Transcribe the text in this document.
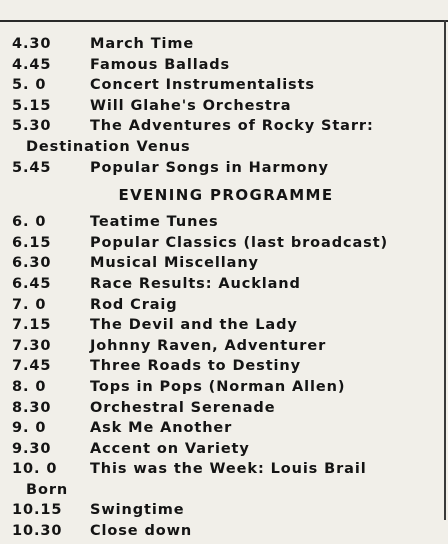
4.30	March Time
4.45	Famous Ballads
5. 0	Concert Instrumentalists
5.15	Will Glahe's Orchestra
5.30	The Adventures of Rocky Starr:
Destination Venus
5.45	Popular Songs in Harmony
EVENING PROGRAMME
6. 0	Teatime Tunes
6.15	Popular Classics (last broadcast)
6.30	Musical Miscellany
6.45	Race Results: Auckland
7. 0	Rod Craig
7.15	The Devil and the Lady
7.30	Johnny Raven, Adventurer
7.45	Three Roads to Destiny
8. 0	Tops in Pops (Norman Allen)
8.30	Orchestral Serenade
9. 0	Ask Me Another
9.30	Accent on Variety
10. 0	This was the Week: Louis Brail
Born
10.15	Swingtime
10.30	Close down
